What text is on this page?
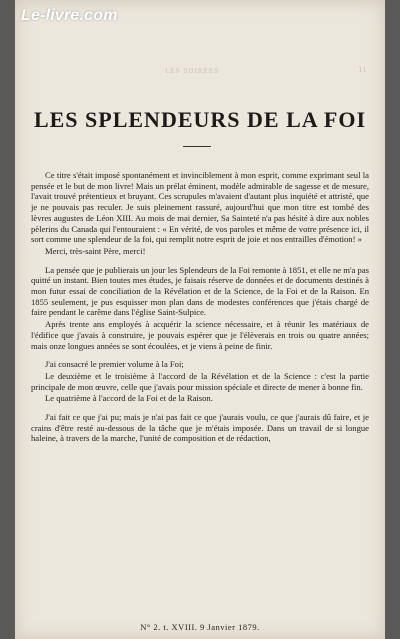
Le-livre.com
LES SOIRÉES	11
LES SPLENDEURS DE LA FOI

Ce titre s'était imposé spontanément et invinciblement à mon esprit, comme exprimant seul la pensée et le but de mon livre! Mais un prélat éminent, modèle admirable de sagesse et de mesure, l'avait trouvé prétentieux et bruyant. Ces scrupules m'avaient d'autant plus inquiété et attristé, que je ne pouvais pas reculer. Je suis pleinement rassuré, aujourd'hui que mon titre est tombé des lèvres augustes de Léon XIII. Au mois de mai dernier, Sa Sainteté n'a pas hésité à dire aux nobles pèlerins du Canada qui l'entouraient : « En vérité, de vos paroles et même de votre présence ici, il sort comme une splendeur de la foi, qui remplit notre esprit de joie et nos entrailles d'émotion! »

Merci, très-saint Père, merci!

La pensée que je publierais un jour les Splendeurs de la Foi remonte à 1851, et elle ne m'a pas quitté un instant. Bien toutes mes études, je faisais réserve de données et de documents destinés à mon futur essai de conciliation de la Révélation et de la Science, de la Foi et de la Raison. En 1855 seulement, je pus esquisser mon plan dans de modestes conférences que j'étais chargé de faire pendant le carême dans l'église Saint-Sulpice.

Après trente ans employés à acquérir la science nécessaire, et à réunir les matériaux de l'édifice que j'avais à construire, je pouvais espérer que je l'élèverais en trois ou quatre années; mais onze longues années se sont écoulées, et je viens à peine de finir.

J'ai consacré le premier volume à la Foi;

Le deuxième et le troisième à l'accord de la Révélation et de la Science : c'est la partie principale de mon œuvre, celle que j'avais pour mission spéciale et directe de mener à bonne fin.

Le quatrième à l'accord de la Foi et de la Raison.

J'ai fait ce que j'ai pu; mais je n'ai pas fait ce que j'aurais voulu, ce que j'aurais dû faire, et je crains d'être resté au-dessous de la tâche que je m'étais imposée. Dans un travail de si longue haleine, à travers de la marche, l'unité de composition et de rédaction,

N° 2. t. XVIII. 9 Janvier 1879.
